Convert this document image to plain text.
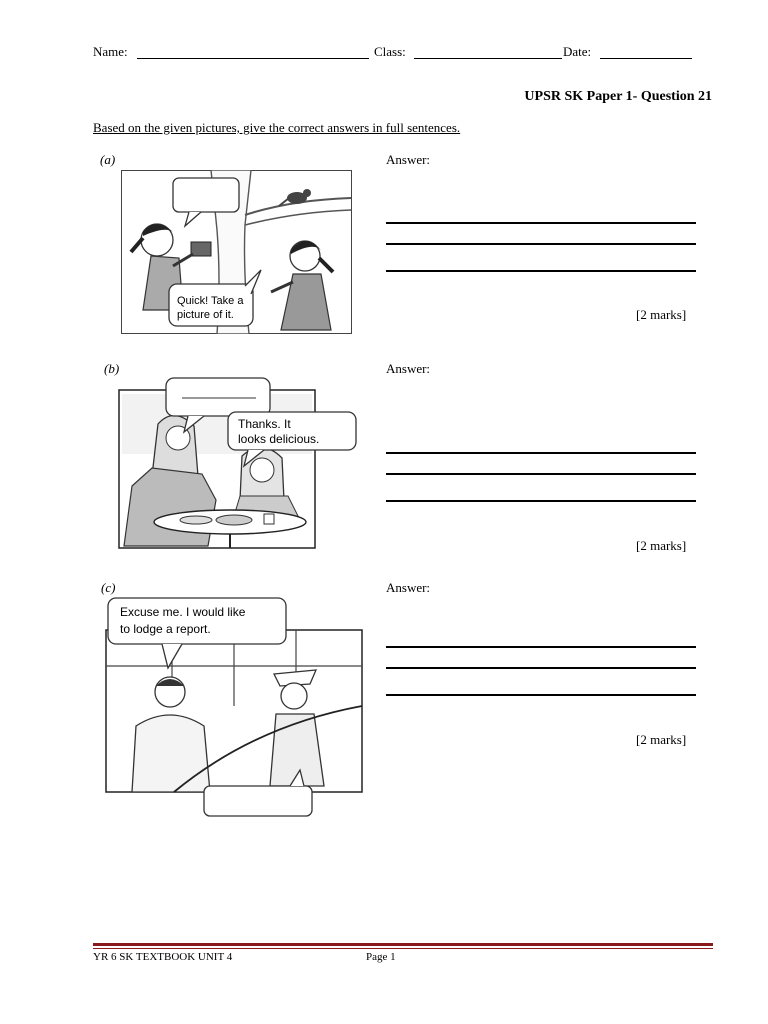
Name:	Class:	Date:
UPSR SK Paper 1- Question 21
Based on the given pictures, give the correct answers in full sentences.
(a)	Answer:
[2 marks]
Quick! Take a
picture of it.
(b)	Answer:
[2 marks]
Thanks. It
looks delicious.
(c)	Answer:
[2 marks]
Excuse me. I would like
to lodge a report.
YR 6 SK TEXTBOOK UNIT 4	Page 1
